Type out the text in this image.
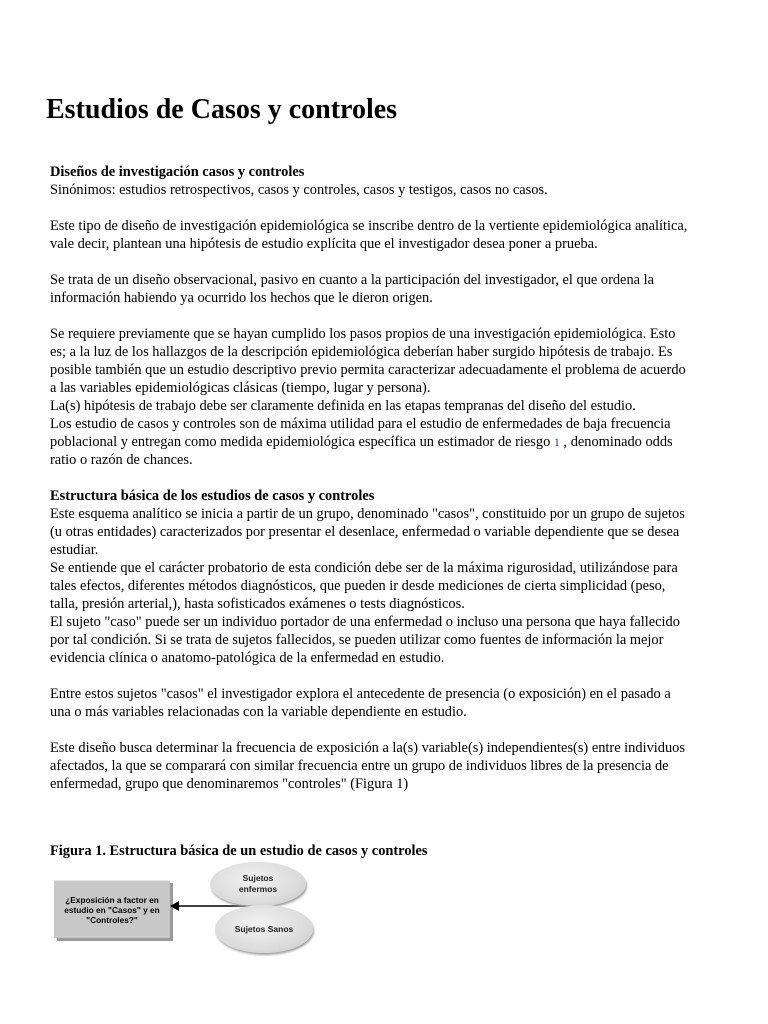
Estudios de Casos y controles

Diseños de investigación casos y controles
Sinónimos: estudios retrospectivos, casos y controles, casos y testigos, casos no casos.

Este tipo de diseño de investigación epidemiológica se inscribe dentro de la vertiente epidemiológica analítica, vale decir, plantean una hipótesis de estudio explícita que el investigador desea poner a prueba.

Se trata de un diseño observacional, pasivo en cuanto a la participación del investigador, el que ordena la información habiendo ya ocurrido los hechos que le dieron origen.

Se requiere previamente que se hayan cumplido los pasos propios de una investigación epidemiológica. Esto es; a la luz de los hallazgos de la descripción epidemiológica deberían haber surgido hipótesis de trabajo. Es posible también que un estudio descriptivo previo permita caracterizar adecuadamente el problema de acuerdo a las variables epidemiológicas clásicas (tiempo, lugar y persona).
La(s) hipótesis de trabajo debe ser claramente definida en las etapas tempranas del diseño del estudio.
Los estudio de casos y controles son de máxima utilidad para el estudio de enfermedades de baja frecuencia poblacional y entregan como medida epidemiológica específica un estimador de riesgo 1 , denominado odds ratio o razón de chances.

Estructura básica de los estudios de casos y controles
Este esquema analítico se inicia a partir de un grupo, denominado "casos", constituido por un grupo de sujetos (u otras entidades) caracterizados por presentar el desenlace, enfermedad o variable dependiente que se desea estudiar.
Se entiende que el carácter probatorio de esta condición debe ser de la máxima rigurosidad, utilizándose para tales efectos, diferentes métodos diagnósticos, que pueden ir desde mediciones de cierta simplicidad (peso, talla, presión arterial,), hasta sofisticados exámenes o tests diagnósticos.
El sujeto "caso" puede ser un individuo portador de una enfermedad o incluso una persona que haya fallecido por tal condición. Si se trata de sujetos fallecidos, se pueden utilizar como fuentes de información la mejor evidencia clínica o anatomo-patológica de la enfermedad en estudio.

Entre estos sujetos "casos" el investigador explora el antecedente de presencia (o exposición) en el pasado a una o más variables relacionadas con la variable dependiente en estudio.

Este diseño busca determinar la frecuencia de exposición a la(s) variable(s) independientes(s) entre individuos afectados, la que se comparará con similar frecuencia entre un grupo de individuos libres de la presencia de enfermedad, grupo que denominaremos "controles" (Figura 1)

Figura 1. Estructura básica de un estudio de casos y controles
¿Exposición a factor en estudio en "Casos" y en "Controles?"
Sujetos enfermos
Sujetos Sanos
